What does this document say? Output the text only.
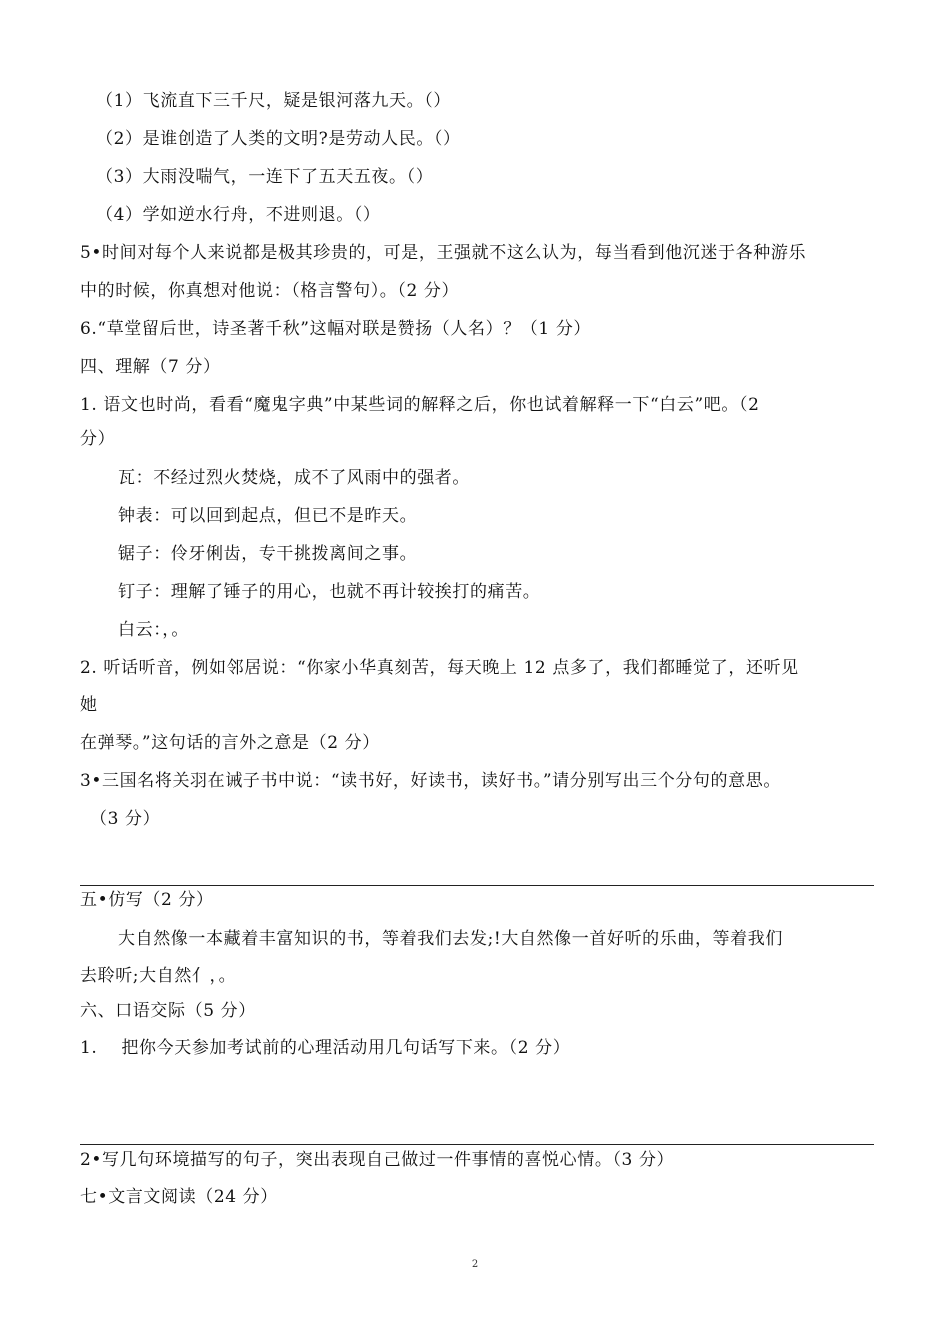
（1）飞流直下三千尺，疑是银河落九天。（）
（2）是谁创造了人类的文明?是劳动人民。（）
（3）大雨没喘气，一连下了五天五夜。（）
（4）学如逆水行舟，不进则退。（）
5•时间对每个人来说都是极其珍贵的，可是，王强就不这么认为，每当看到他沉迷于各种游乐
中的时候，你真想对他说：（格言警句）。（2 分）
6.“草堂留后世，诗圣著千秋”这幅对联是赞扬（人名）？（1 分）
四、理解（7 分）
1. 语文也时尚，看看“魔鬼字典”中某些词的解释之后，你也试着解释一下“白云”吧。（2
分）
瓦：不经过烈火焚烧，成不了风雨中的强者。
钟表：可以回到起点，但已不是昨天。
锯子：伶牙俐齿，专干挑拨离间之事。
钉子：理解了锤子的用心，也就不再计较挨打的痛苦。
白云：，。
2. 听话听音，例如邻居说：“你家小华真刻苦，每天晚上 12 点多了，我们都睡觉了，还听见
她
在弹琴。”这句话的言外之意是（2 分）
3•三国名将关羽在诫子书中说：“读书好，好读书，读好书。”请分别写出三个分句的意思。
（3 分）
五•仿写（2 分）
大自然像一本藏着丰富知识的书，等着我们去发;!大自然像一首好听的乐曲，等着我们
去聆听;大自然亻，。
六、口语交际（5 分）
1.    把你今天参加考试前的心理活动用几句话写下来。（2 分）
2•写几句环境描写的句子，突出表现自己做过一件事情的喜悦心情。（3 分）
七•文言文阅读（24 分）
2
